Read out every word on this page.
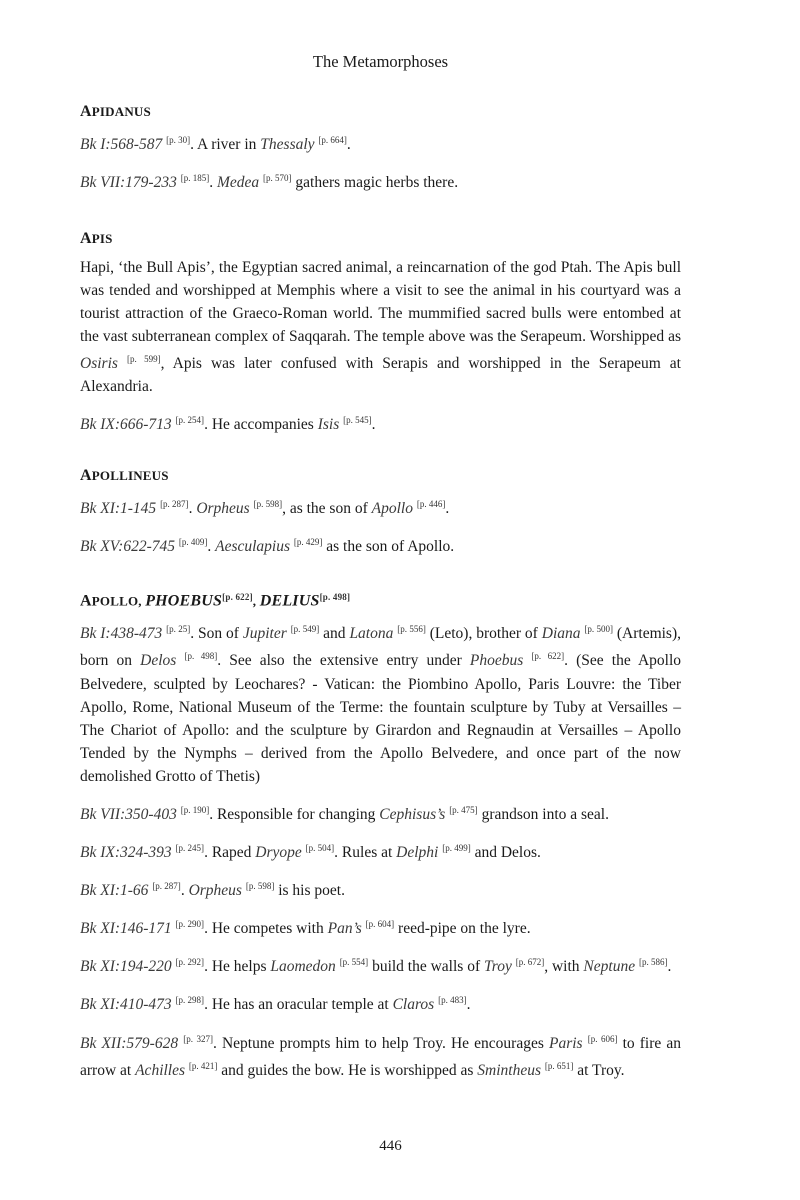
The Metamorphoses
APIDANUS

Bk I:568-587 [p. 30]. A river in Thessaly [p. 664].

Bk VII:179-233 [p. 185]. Medea [p. 570] gathers magic herbs there.

APIS

Hapi, ‘the Bull Apis’, the Egyptian sacred animal, a reincarnation of the god Ptah. The Apis bull was tended and worshipped at Memphis where a visit to see the animal in his courtyard was a tourist attraction of the Graeco-Roman world. The mummified sacred bulls were entombed at the vast subterranean complex of Saqqarah. The temple above was the Serapeum. Worshipped as Osiris [p. 599], Apis was later confused with Serapis and worshipped in the Serapeum at Alexandria.

Bk IX:666-713 [p. 254]. He accompanies Isis [p. 545].

APOLLINEUS

Bk XI:1-145 [p. 287]. Orpheus [p. 598], as the son of Apollo [p. 446].

Bk XV:622-745 [p. 409]. Aesculapius [p. 429] as the son of Apollo.

APOLLO, PHOEBUS[p. 622], DELIUS[p. 498]

Bk I:438-473 [p. 25]. Son of Jupiter [p. 549] and Latona [p. 556] (Leto), brother of Diana [p. 500] (Artemis), born on Delos [p. 498]. See also the extensive entry under Phoebus [p. 622]. (See the Apollo Belvedere, sculpted by Leochares? - Vatican: the Piombino Apollo, Paris Louvre: the Tiber Apollo, Rome, National Museum of the Terme: the fountain sculpture by Tuby at Versailles – The Chariot of Apollo: and the sculpture by Girardon and Regnaudin at Versailles – Apollo Tended by the Nymphs – derived from the Apollo Belvedere, and once part of the now demolished Grotto of Thetis)

Bk VII:350-403 [p. 190]. Responsible for changing Cephisus’s [p. 475] grandson into a seal.

Bk IX:324-393 [p. 245]. Raped Dryope [p. 504]. Rules at Delphi [p. 499] and Delos.

Bk XI:1-66 [p. 287]. Orpheus [p. 598] is his poet.

Bk XI:146-171 [p. 290]. He competes with Pan’s [p. 604] reed-pipe on the lyre.

Bk XI:194-220 [p. 292]. He helps Laomedon [p. 554] build the walls of Troy [p. 672], with Neptune [p. 586].

Bk XI:410-473 [p. 298]. He has an oracular temple at Claros [p. 483].

Bk XII:579-628 [p. 327]. Neptune prompts him to help Troy. He encourages Paris [p. 606] to fire an arrow at Achilles [p. 421] and guides the bow. He is worshipped as Smintheus [p. 651] at Troy.

446
